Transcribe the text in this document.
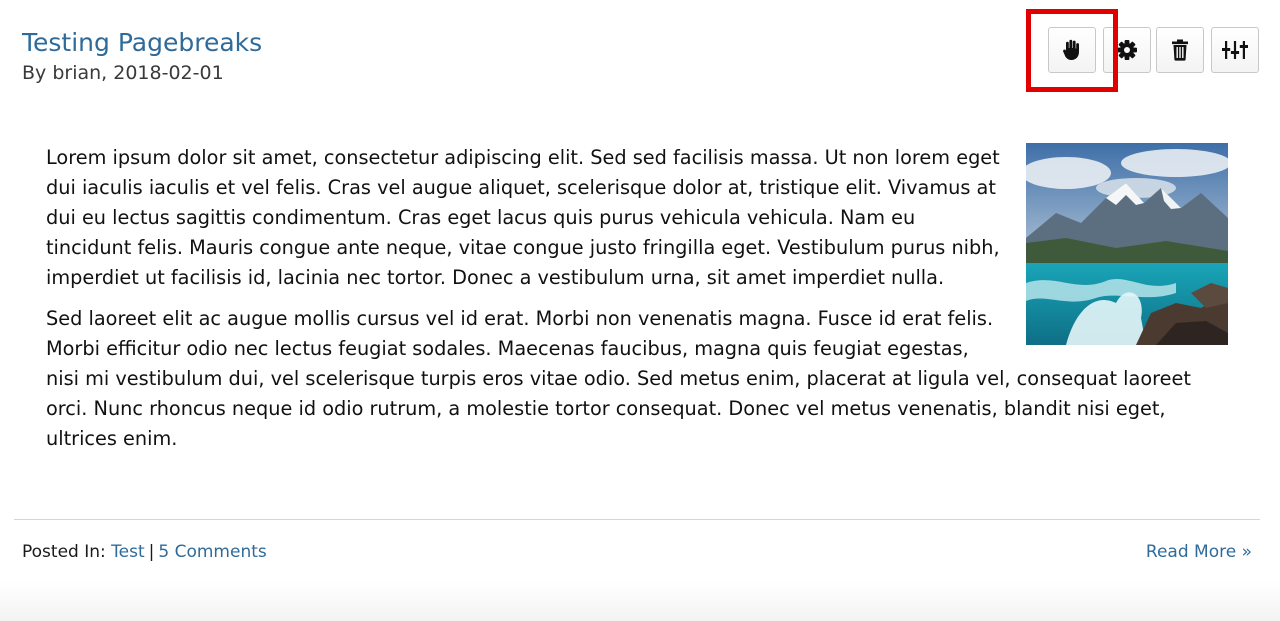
Testing Pagebreaks
By brian, 2018-02-01

Lorem ipsum dolor sit amet, consectetur adipiscing elit. Sed sed facilisis massa. Ut non lorem eget dui iaculis iaculis et vel felis. Cras vel augue aliquet, scelerisque dolor at, tristique elit. Vivamus at dui eu lectus sagittis condimentum. Cras eget lacus quis purus vehicula vehicula. Nam eu tincidunt felis. Mauris congue ante neque, vitae congue justo fringilla eget. Vestibulum purus nibh, imperdiet ut facilisis id, lacinia nec tortor. Donec a vestibulum urna, sit amet imperdiet nulla.

Sed laoreet elit ac augue mollis cursus vel id erat. Morbi non venenatis magna. Fusce id erat felis. Morbi efficitur odio nec lectus feugiat sodales. Maecenas faucibus, magna quis feugiat egestas, nisi mi vestibulum dui, vel scelerisque turpis eros vitae odio. Sed metus enim, placerat at ligula vel, consequat laoreet orci. Nunc rhoncus neque id odio rutrum, a molestie tortor consequat. Donec vel metus venenatis, blandit nisi eget, ultrices enim.

Posted In: Test | 5 Comments	Read More »
